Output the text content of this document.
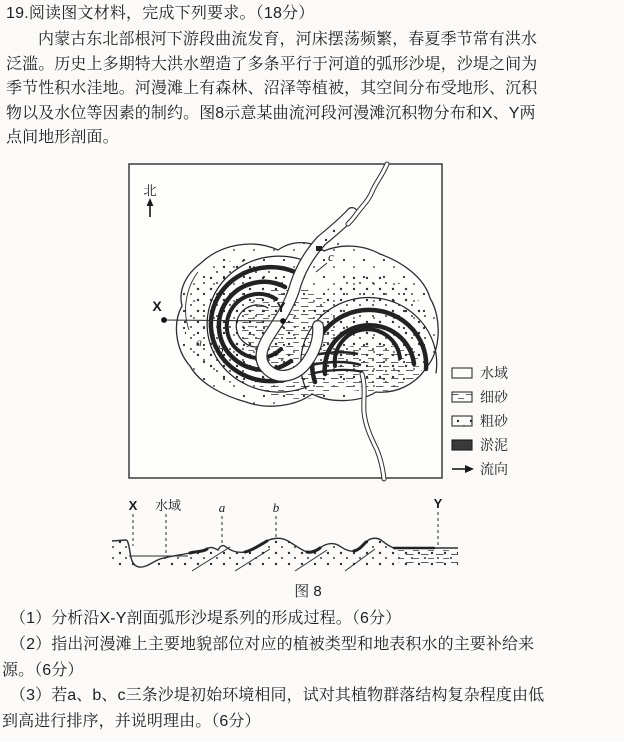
19.阅读图文材料，完成下列要求。（18分）
内蒙古东北部根河下游段曲流发育，河床摆荡频繁，春夏季节常有洪水
泛滥。历史上多期特大洪水塑造了多条平行于河道的弧形沙堤，沙堤之间为
季节性积水洼地。河漫滩上有森林、沼泽等植被，其空间分布受地形、沉积
物以及水位等因素的制约。图8示意某曲流河段河漫滩沉积物分布和X、Y两
点间地形剖面。
X	Y
a b
c
北
水域
细砂
粗砂
淤泥
流向
X 水域	a	b	Y
图 8
（1）分析沿X-Y剖面弧形沙堤系列的形成过程。（6分）
（2）指出河漫滩上主要地貌部位对应的植被类型和地表积水的主要补给来
源。（6分）
（3）若a、b、c三条沙堤初始环境相同，试对其植物群落结构复杂程度由低
到高进行排序，并说明理由。（6分）
